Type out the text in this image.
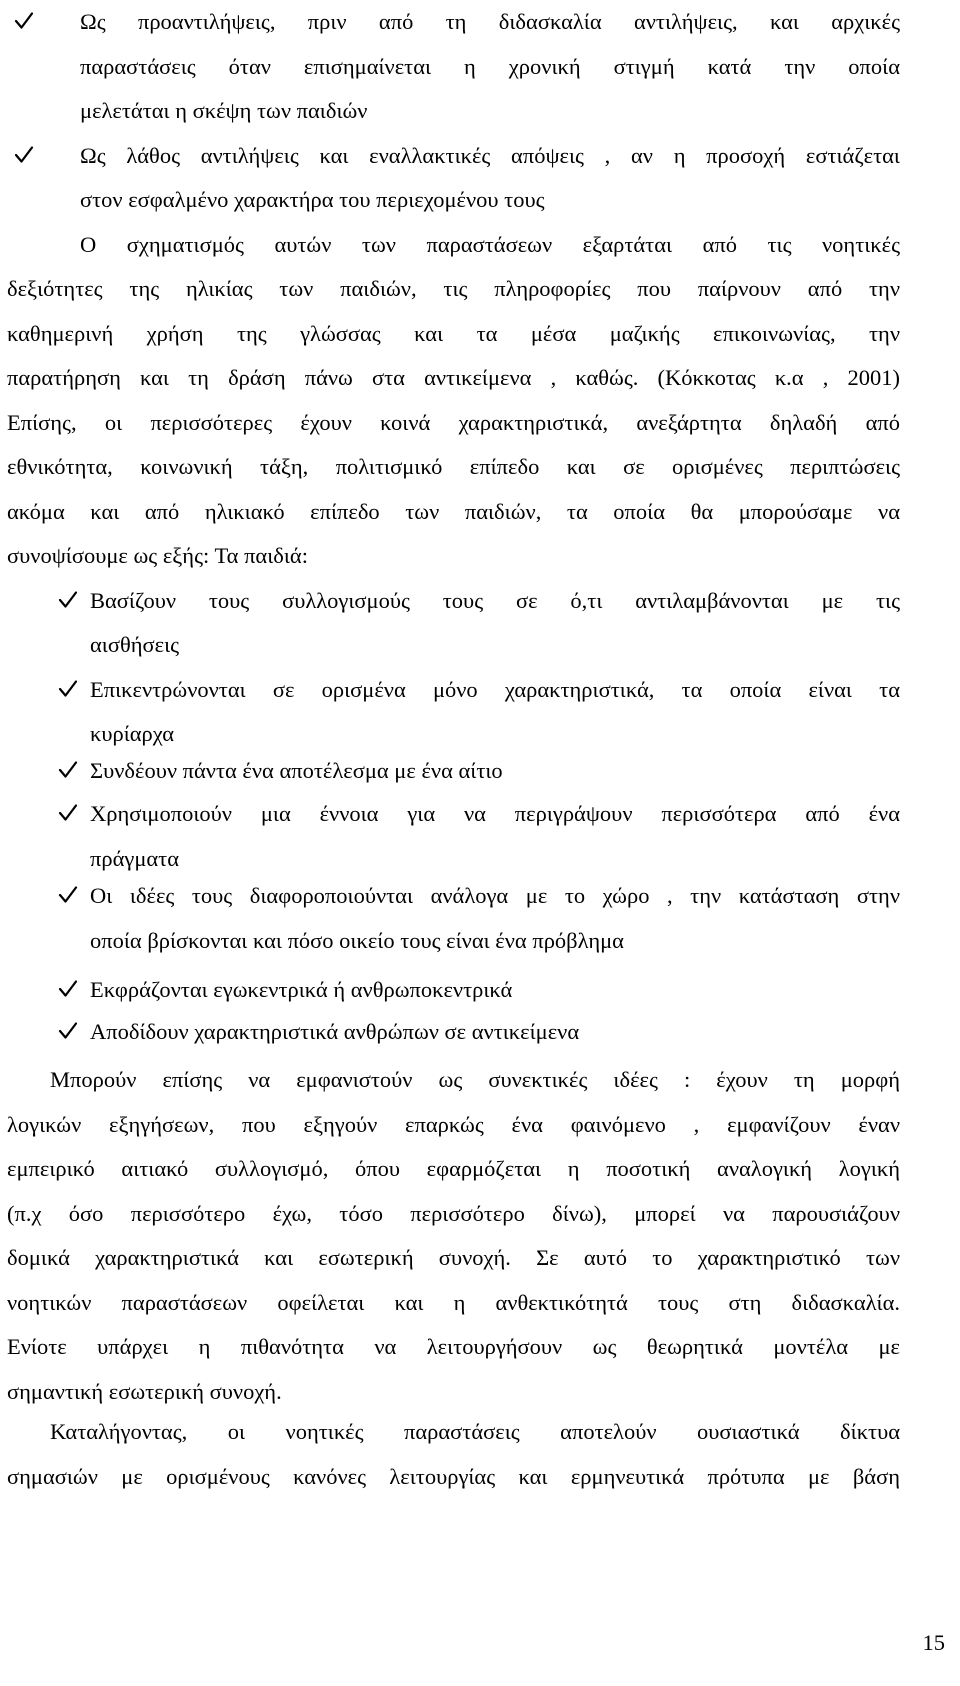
Ως προαντιλήψεις, πριν από τη διδασκαλία αντιλήψεις, και αρχικές
παραστάσεις όταν επισημαίνεται η χρονική στιγμή κατά την οποία
μελετάται η σκέψη των παιδιών
Ως λάθος αντιλήψεις και εναλλακτικές απόψεις , αν η προσοχή εστιάζεται
στον εσφαλμένο χαρακτήρα του περιεχομένου τους
Ο σχηματισμός αυτών των παραστάσεων εξαρτάται από τις νοητικές
δεξιότητες της ηλικίας των παιδιών, τις πληροφορίες που παίρνουν από την
καθημερινή χρήση της γλώσσας και τα μέσα μαζικής επικοινωνίας, την
παρατήρηση και τη δράση πάνω στα αντικείμενα , καθώς. (Κόκκοτας κ.α , 2001)
Επίσης, οι περισσότερες έχουν κοινά χαρακτηριστικά, ανεξάρτητα δηλαδή από
εθνικότητα, κοινωνική τάξη, πολιτισμικό επίπεδο και σε ορισμένες περιπτώσεις
ακόμα και από ηλικιακό επίπεδο των παιδιών, τα οποία θα μπορούσαμε να
συνοψίσουμε ως εξής: Τα παιδιά:
Βασίζουν τους συλλογισμούς τους σε ό,τι αντιλαμβάνονται με τις
αισθήσεις
Επικεντρώνονται σε ορισμένα μόνο χαρακτηριστικά, τα οποία είναι τα
κυρίαρχα
Συνδέουν πάντα ένα αποτέλεσμα με ένα αίτιο
Χρησιμοποιούν μια έννοια για να περιγράψουν περισσότερα από ένα
πράγματα
Οι ιδέες τους διαφοροποιούνται ανάλογα με το χώρο , την κατάσταση στην
οποία βρίσκονται και πόσο οικείο τους είναι ένα πρόβλημα
Εκφράζονται εγωκεντρικά ή ανθρωποκεντρικά
Αποδίδουν χαρακτηριστικά ανθρώπων σε αντικείμενα
Μπορούν επίσης να εμφανιστούν ως συνεκτικές ιδέες : έχουν τη μορφή
λογικών εξηγήσεων, που εξηγούν επαρκώς ένα φαινόμενο , εμφανίζουν έναν
εμπειρικό αιτιακό συλλογισμό, όπου εφαρμόζεται η ποσοτική αναλογική λογική
(π.χ όσο περισσότερο έχω, τόσο περισσότερο δίνω), μπορεί να παρουσιάζουν
δομικά χαρακτηριστικά και εσωτερική συνοχή. Σε αυτό το χαρακτηριστικό των
νοητικών παραστάσεων οφείλεται και η ανθεκτικότητά τους στη διδασκαλία.
Ενίοτε υπάρχει η πιθανότητα να λειτουργήσουν ως θεωρητικά μοντέλα με
σημαντική εσωτερική συνοχή.
Καταλήγοντας, οι νοητικές παραστάσεις αποτελούν ουσιαστικά δίκτυα
σημασιών με ορισμένους κανόνες λειτουργίας και ερμηνευτικά πρότυπα με βάση
15
